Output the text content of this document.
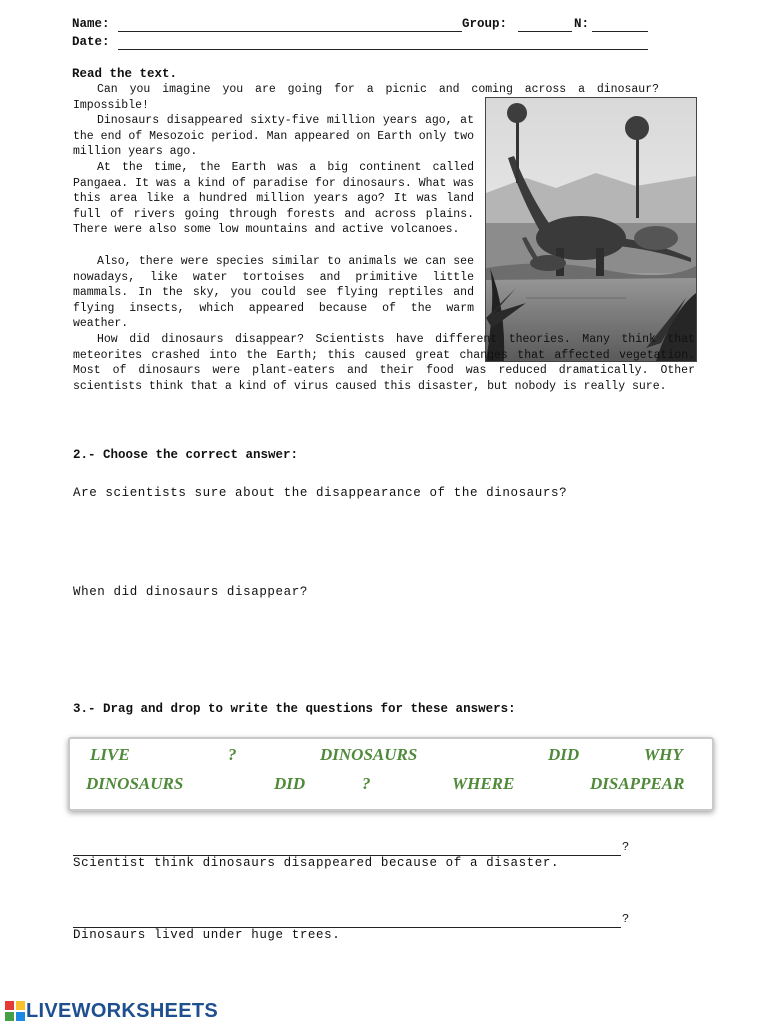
Name:	Group:	N:
Date:
Read the text.

Can you imagine you are going for a picnic and coming across a dinosaur? Impossible!

Dinosaurs disappeared sixty-five million years ago, at the end of Mesozoic period. Man appeared on Earth only two million years ago.

At the time, the Earth was a big continent called Pangaea. It was a kind of paradise for dinosaurs. What was this area like a hundred million years ago? It was land full of rivers going through forests and across plains. There were also some low mountains and active volcanoes.

Also, there were species similar to animals we can see nowadays, like water tortoises and primitive little mammals. In the sky, you could see flying reptiles and flying insects, which appeared because of the warm weather.

How did dinosaurs disappear? Scientists have different theories. Many think that meteorites crashed into the Earth; this caused great changes that affected vegetation. Most of dinosaurs were plant-eaters and their food was reduced dramatically. Other scientists think that a kind of virus caused this disaster, but nobody is really sure.

2.- Choose the correct answer:
Are scientists sure about the disappearance of the dinosaurs?
When did dinosaurs disappear?
3.- Drag and drop to write the questions for these answers:
LIVE	?	DINOSAURS	DID	WHY
DINOSAURS	DID	?	WHERE	DISAPPEAR
?
Scientist think dinosaurs disappeared because of a disaster.
?
Dinosaurs lived under huge trees.
LIVEWORKSHEETS
